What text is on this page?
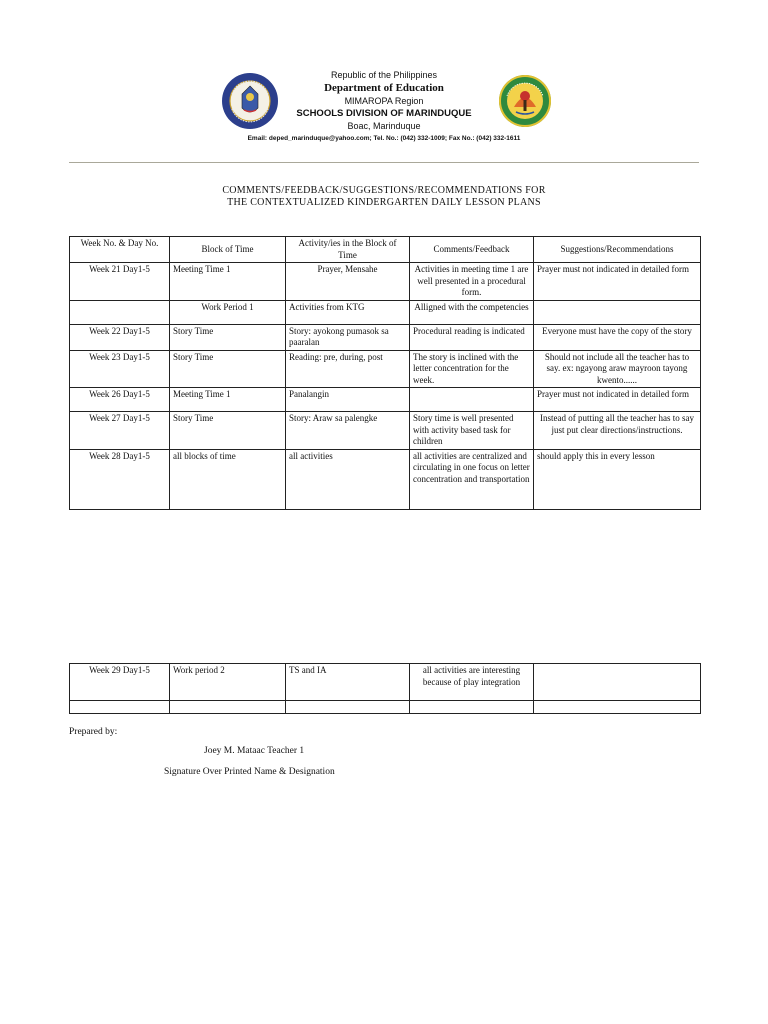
Republic of the Philippines
Department of Education
MIMAROPA Region
SCHOOLS DIVISION OF MARINDUQUE
Boac, Marinduque
Email: deped_marinduque@yahoo.com; Tel. No.: (042) 332-1009; Fax No.: (042) 332-1611
COMMENTS/FEEDBACK/SUGGESTIONS/RECOMMENDATIONS FOR
THE CONTEXTUALIZED KINDERGARTEN DAILY LESSON PLANS
Week No. & Day No.	Block of Time	Activity/ies in the Block of Time	Comments/Feedback	Suggestions/Recommendations
Week 21 Day1-5	Meeting Time 1	Prayer, Mensahe	Activities in meeting time 1 are well presented in a procedural form.	Prayer must not indicated in detailed form
	Work Period 1	Activities from KTG	Alligned with the competencies	
Week 22 Day1-5	Story Time	Story: ayokong pumasok sa paaralan	Procedural reading is indicated	Everyone must have the copy of the story
Week 23 Day1-5	Story Time	Reading: pre, during, post	The story is inclined with the letter concentration for the week.	Should not include all the teacher has to say. ex: ngayong araw mayroon tayong kwento......
Week 26 Day1-5	Meeting Time 1	Panalangin		Prayer must not indicated in detailed form
Week 27 Day1-5	Story Time	Story: Araw sa palengke	Story time is well presented with activity based task for children	Instead of putting all the teacher has to say just put clear directions/instructions.
Week 28 Day1-5	all blocks of time	all activities	all activities are centralized and circulating in one focus on letter concentration and transportation	should apply this in every lesson
Week 29 Day1-5	Work period 2	TS and IA	all activities are interesting because of play integration	

Prepared by:
Joey M. Mataac Teacher 1
Signature Over Printed Name & Designation
